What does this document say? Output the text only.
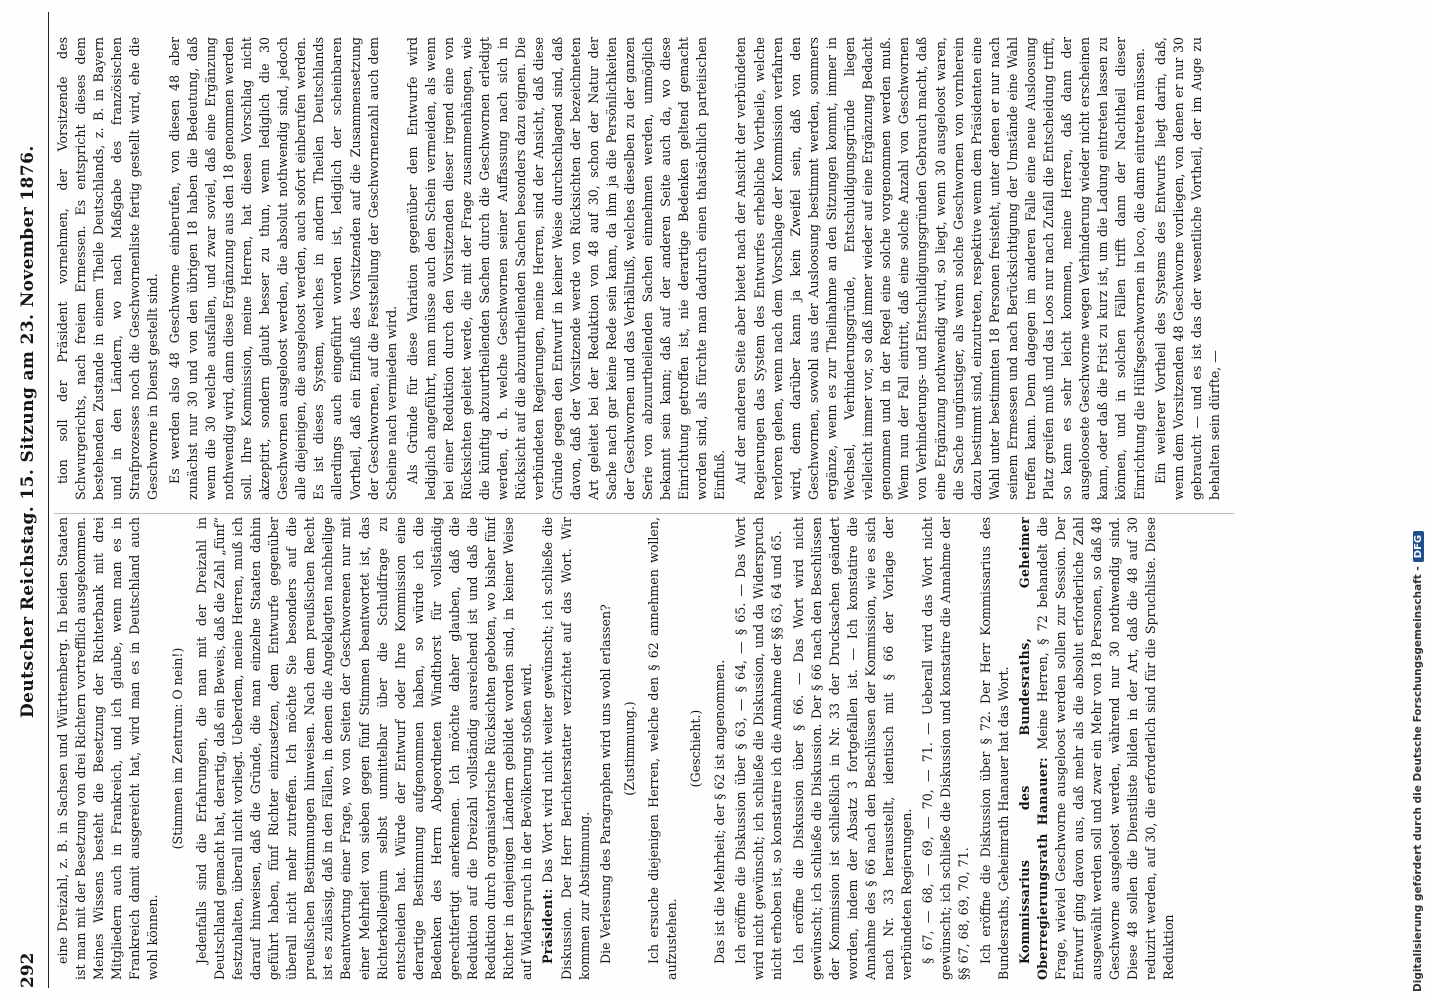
292
Deutscher Reichstag. 15. Sitzung am 23. November 1876.

eine Dreizahl, z. B. in Sachsen und Württemberg. In beiden Staaten ist man mit der Besetzung von drei Richtern vortrefflich ausgekommen. Meines Wissens besteht die Besetzung der Richterbank mit drei Mitgliedern auch in Frankreich, und ich glaube, wenn man es in Frankreich damit ausgereicht hat, wird man es in Deutschland auch wohl können.

(Stimmen im Zentrum: O nein!) Jedenfalls sind die Erfahrungen, die man mit der Dreizahl in Deutschland gemacht hat, derartig, daß ein Beweis, daß die Zahl „fünf“ festzuhalten, überall nicht vorliegt. Ueberdem, meine Herren, muß ich darauf hinweisen, daß die Gründe, die man einzelne Staaten dahin geführt haben, fünf Richter einzusetzen, dem Entwurfe gegenüber überall nicht mehr zutreffen. Ich möchte Sie besonders auf die preußischen Bestimmungen hinweisen. Nach dem preußischen Recht ist es zulässig, daß in den Fällen, in denen die Angeklagten nachheilige Beantwortung einer Frage, wo von Seiten der Geschworenen nur mit einer Mehrheit von sieben gegen fünf Stimmen beantwortet ist, das Richterkollegium selbst unmittelbar über die Schuldfrage zu entscheiden hat. Würde der Entwurf oder Ihre Kommission eine derartige Bestimmung aufgenommen haben, so würde ich die Bedenken des Herrn Abgeordneten Windthorst für vollständig gerechtfertigt anerkennen. Ich möchte daher glauben, daß die Reduktion auf die Dreizahl vollständig ausreichend ist und daß die Reduktion durch organisatorische Rücksichten geboten, wo bisher fünf Richter in denjenigen Ländern gebildet worden sind, in keiner Weise auf Widerspruch in der Bevölkerung stoßen wird. Präsident: Das Wort wird nicht weiter gewünscht; ich schließe die Diskussion. Der Herr Berichterstatter verzichtet auf das Wort. Wir kommen zur Abstimmung. Die Verlesung des Paragraphen wird uns wohl erlassen? (Zustimmung.) Ich ersuche diejenigen Herren, welche den § 62 annehmen wollen, aufzustehen.

(Geschieht.) Das ist die Mehrheit; der § 62 ist angenommen. Ich eröffne die Diskussion über § 63, — § 64, — § 65. — Das Wort wird nicht gewünscht; ich schließe die Diskussion, und da Widerspruch nicht erhoben ist, so konstatire ich die Annahme der §§ 63, 64 und 65. Ich eröffne die Diskussion über § 66. — Das Wort wird nicht gewünscht; ich schließe die Diskussion. Der § 66 nach den Beschlüssen der Kommission ist schließlich in Nr. 33 der Drucksachen geändert worden, indem der Absatz 3 fortgefallen ist. — Ich konstatire die Annahme des § 66 nach den Beschlüssen der Kommission, wie es sich nach Nr. 33 herausstellt, identisch mit § 66 der Vorlage der verbündeten Regierungen. § 67, — 68, — 69, — 70, — 71. — Ueberall wird das Wort nicht gewünscht; ich schließe die Diskussion und konstatire die Annahme der §§ 67, 68, 69, 70, 71. Ich eröffne die Diskussion über § 72. Der Herr Kommissarius des Bundesraths, Geheimrath Hanauer hat das Wort. Kommissarius des Bundesraths, Geheimer Oberregierungsrath Hanauer: Meine Herren, § 72 behandelt die Frage, wieviel Geschworne ausgeloost werden sollen zur Session. Der Entwurf ging davon aus, daß mehr als die absolut erforderliche Zahl ausgewählt werden soll und zwar ein Mehr von 18 Personen, so daß 48 Geschworne ausgeloost werden, während nur 30 nothwendig sind. Diese 48 sollen die Dienstliste bilden in der Art, daß die 48 auf 30 reduzirt werden, auf 30, die erforderlich sind für die Spruchliste. Diese Reduktion

tion soll der Präsident vornehmen, der Vorsitzende des Schwurgerichts, nach freiem Ermessen. Es entspricht dieses dem bestehenden Zustande in einem Theile Deutschlands, z. B. in Bayern und in den Ländern, wo nach Maßgabe des französischen Strafprozesses noch die Geschwornenliste fertig gestellt wird, ehe die Geschworne in Dienst gestellt sind. Es werden also 48 Geschworne einberufen, von diesen 48 aber zunächst nur 30 und von den übrigen 18 haben die Bedeutung, daß wenn die 30 welche ausfallen, und zwar soviel, daß eine Ergänzung nothwendig wird, dann diese Ergänzung aus den 18 genommen werden soll. Ihre Kommission, meine Herren, hat diesen Vorschlag nicht akzeptirt, sondern glaubt besser zu thun, wenn lediglich die 30 Geschwornen ausgeloost werden, die absolut nothwendig sind, jedoch alle diejenigen, die ausgeloost werden, auch sofort einberufen werden. Es ist dieses System, welches in andern Theilen Deutschlands allerdings auch eingeführt worden ist, lediglich der scheinbaren Vortheil, daß ein Einfluß des Vorsitzenden auf die Zusammensetzung der Geschwornen, auf die Feststellung der Geschwornenzahl auch dem Scheine nach vermieden wird. Als Gründe für diese Variation gegenüber dem Entwurfe wird lediglich angeführt, man müsse auch den Schein vermeiden, als wenn bei einer Reduktion durch den Vorsitzenden dieser irgend eine von Rücksichten geleitet werde, die mit der Frage zusammenhängen, wie die künftig abzuurtheilenden Sachen durch die Geschwornen erledigt werden, d. h. welche Geschwornen seiner Auffassung nach sich in Rücksicht auf die abzuurtheilenden Sachen besonders dazu eignen. Die verbündeten Regierungen, meine Herren, sind der Ansicht, daß diese Gründe gegen den Entwurf in keiner Weise durchschlagend sind, daß davon, daß der Vorsitzende werde von Rücksichten der bezeichneten Art geleitet bei der Reduktion von 48 auf 30, schon der Natur der Sache nach gar keine Rede sein kann, da ihm ja die Persönlichkeiten der Geschwornen und das Verhältniß, welches dieselben zu der ganzen Serie von abzuurtheilenden Sachen einnehmen werden, unmöglich bekannt sein kann; daß auf der anderen Seite auch da, wo diese Einrichtung getroffen ist, nie derartige Bedenken geltend gemacht worden sind, als fürchte man dadurch einen thatsächlich parteiischen Einfluß. Auf der anderen Seite aber bietet nach der Ansicht der verbündeten Regierungen das System des Entwurfes erhebliche Vortheile, welche verloren gehen, wenn nach dem Vorschlage der Kommission verfahren wird, denn darüber kann ja kein Zweifel sein, daß von den Geschwornen, sowohl aus der Ausloosung bestimmt werden, sommers ergänze, wenn es zur Theilnahme an den Sitzungen kommt, immer in Wechsel, Verhinderungsgründe, Entschuldigungsgründe liegen vielleicht immer vor, so daß immer wieder auf eine Ergänzung Bedacht genommen und in der Regel eine solche vorgenommen werden muß. Wenn nun der Fall eintritt, daß eine solche Anzahl von Geschwornen von Verhinderungs- und Entschuldigungsgründen Gebrauch macht, daß eine Ergänzung nothwendig wird, so liegt, wenn 30 ausgeloost waren, die Sache ungünstiger, als wenn solche Geschwornen von vornherein dazu bestimmt sind, einzutreten, respektive wenn dem Präsidenten eine Wahl unter bestimmten 18 Personen freisteht, unter denen er nur nach seinem Ermessen und nach Berücksichtigung der Umstände eine Wahl treffen kann. Denn dagegen im anderen Falle eine neue Ausloosung Platz greifen muß und das Loos nur nach Zufall die Entscheidung trifft, so kann es sehr leicht kommen, meine Herren, daß dann der ausgeloosete Geschworne wegen Verhinderung wieder nicht erscheinen kann, oder daß die Frist zu kurz ist, um die Ladung eintreten lassen zu können, und in solchen Fällen trifft dann der Nachtheil dieser Einrichtung die Hülfsgeschwornen in loco, die dann eintreten müssen. Ein weiterer Vortheil des Systems des Entwurfs liegt darin, daß, wenn dem Vorsitzenden 48 Geschworne vorliegen, von denen er nur 30 gebraucht — und es ist das der wesentliche Vortheil, der im Auge zu behalten sein dürfte, —

Digitalisierung gefördert durch die Deutsche Forschungsgemeinschaft -DFG
